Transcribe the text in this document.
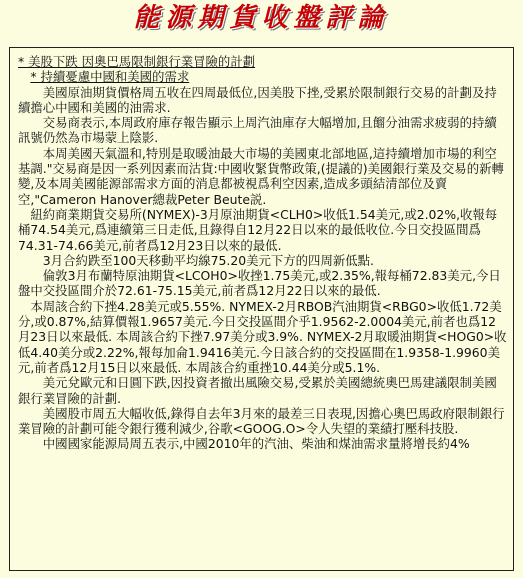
能源期貨收盤評論

* 美股下跌 因奧巴馬限制銀行業冒險的計劃

* 持續憂慮中國和美國的需求

美國原油期貨價格周五收在四周最低位,因美股下挫,受累於限制銀行交易的計劃及持續擔心中國和美國的油需求.

交易商表示,本周政府庫存報告顯示上周汽油庫存大幅增加,且餾分油需求疲弱的持續訊號仍然為市場蒙上陰影.

本周美國天氣溫和,特別是取暖油最大市場的美國東北部地區,這持續增加市場的利空基調."交易商是因一系列因素而沽貨:中國收緊貨幣政策,(提議的)美國銀行業及交易的新轉變,及本周美國能源部需求方面的消息都被視爲利空因素,造成多頭結清部位及賣空,"Cameron Hanover總裁Peter Beute説.

紐約商業期貨交易所(NYMEX)-3月原油期貨<CLH0>收低1.54美元,或2.02%,收報每桶74.54美元,爲連續第三日走低,且錄得自12月22日以來的最低收位.今日交投區間爲74.31-74.66美元,前者爲12月23日以來的最低.

3月合約跌至100天移動平均線75.20美元下方的四周新低點.

倫敦3月布蘭特原油期貨<LCOH0>收挫1.75美元,或2.35%,報每桶72.83美元,今日盤中交投區間介於72.61-75.15美元,前者爲12月22日以來的最低.

本周該合約下挫4.28美元或5.55%. NYMEX-2月RBOB汽油期貨<RBG0>收低1.72美分,或0.87%,結算價報1.9657美元.今日交投區間介乎1.9562-2.0004美元,前者也爲12月23日以來最低. 本周該合約下挫7.97美分或3.9%. NYMEX-2月取暖油期貨<HOG0>收低4.40美分或2.22%,報每加侖1.9416美元.今日該合約的交投區間在1.9358-1.9960美元,前者爲12月15日以來最低. 本周該合約重挫10.44美分或5.1%.

美元兌歐元和日圓下跌,因投資者撤出風險交易,受累於美國總統奧巴馬建議限制美國銀行業冒險的計劃.

美國股市周五大幅收低,錄得自去年3月來的最差三日表現,因擔心奧巴馬政府限制銀行業冒險的計劃可能令銀行獲利減少,谷歌<GOOG.O>令人失望的業績打壓科技股.

中國國家能源局周五表示,中國2010年的汽油、柴油和煤油需求量將增長約4%
